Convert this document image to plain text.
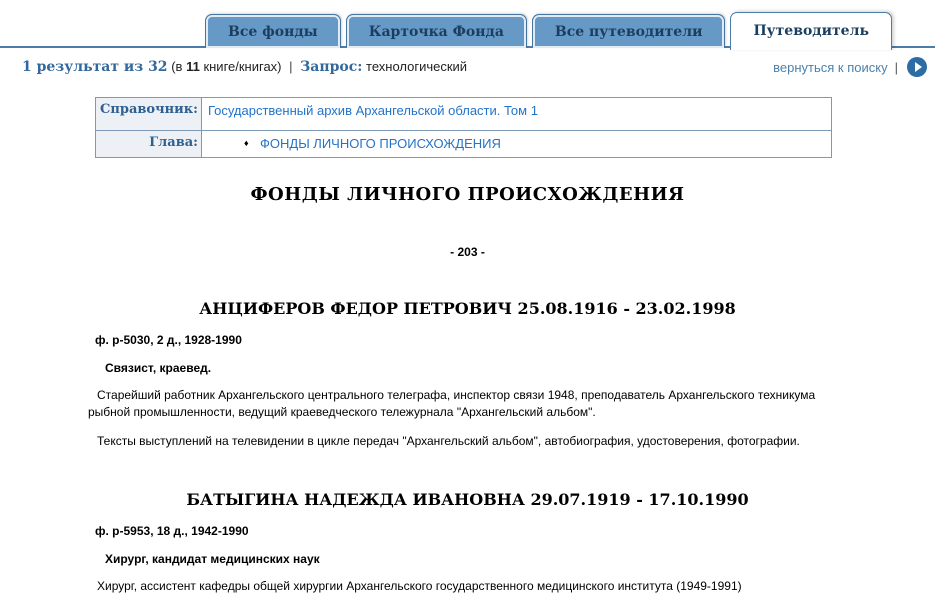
Все фонды	Карточка Фонда	Все путеводители	Путеводитель
1 результат из 32 (в 11 книге/книгах) | Запрос: технологический	вернуться к поиску |
Справочник:	Государственный архив Архангельской области. Том 1
Глава:	♦ ФОНДЫ ЛИЧНОГО ПРОИСХОЖДЕНИЯ
ФОНДЫ ЛИЧНОГО ПРОИСХОЖДЕНИЯ
- 203 -
АНЦИФЕРОВ ФЕДОР ПЕТРОВИЧ 25.08.1916 - 23.02.1998
ф. р-5030, 2 д., 1928-1990
Связист, краевед.
Старейший работник Архангельского центрального телеграфа, инспектор связи 1948, преподаватель Архангельского техникума рыбной промышленности, ведущий краеведческого тележурнала "Архангельский альбом".
Тексты выступлений на телевидении в цикле передач "Архангельский альбом", автобиография, удостоверения, фотографии.
БАТЫГИНА НАДЕЖДА ИВАНОВНА 29.07.1919 - 17.10.1990
ф. р-5953, 18 д., 1942-1990
Хирург, кандидат медицинских наук
Хирург, ассистент кафедры общей хирургии Архангельского государственного медицинского института (1949-1991)
